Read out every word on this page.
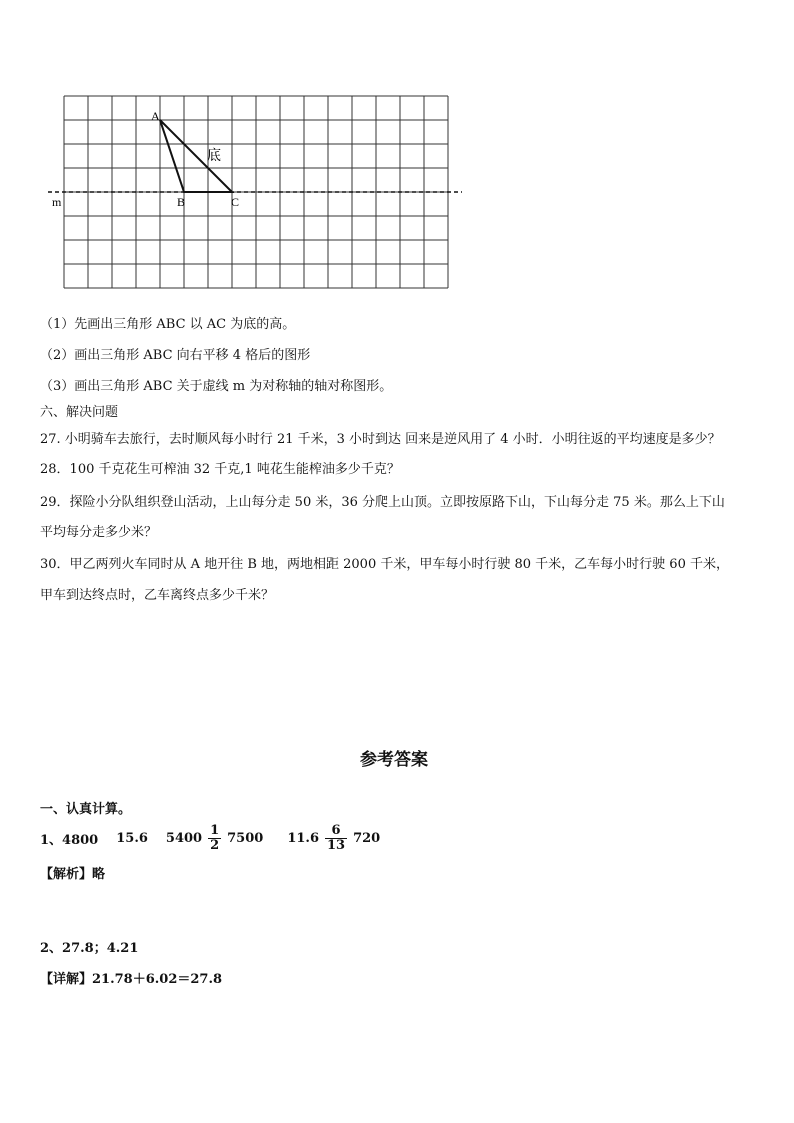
A
B	C
m
底
（1）先画出三角形 ABC 以 AC 为底的高。
（2）画出三角形 ABC 向右平移 4 格后的图形
（3）画出三角形 ABC 关于虚线 m 为对称轴的轴对称图形。
六、解决问题
27. 小明骑车去旅行，去时顺风每小时行 21 千米，3 小时到达 回来是逆风用了 4 小时．小明往返的平均速度是多少？
28．100 千克花生可榨油 32 千克,1 吨花生能榨油多少千克？
29．探险小分队组织登山活动，上山每分走 50 米，36 分爬上山顶。立即按原路下山，下山每分走 75 米。那么上下山
平均每分走多少米？
30．甲乙两列火车同时从 A 地开往 B 地，两地相距 2000 千米，甲车每小时行驶 80 千米，乙车每小时行驶 60 千米，
甲车到达终点时，乙车离终点多少千米？
参考答案
一、认真计算。
1、4800 15.6 $5400 \frac{1}{2} 7500$ $11.6 \frac{6}{13} 720$
【解析】略
2、27.8；4.21
【详解】21.78＋6.02＝27.8
